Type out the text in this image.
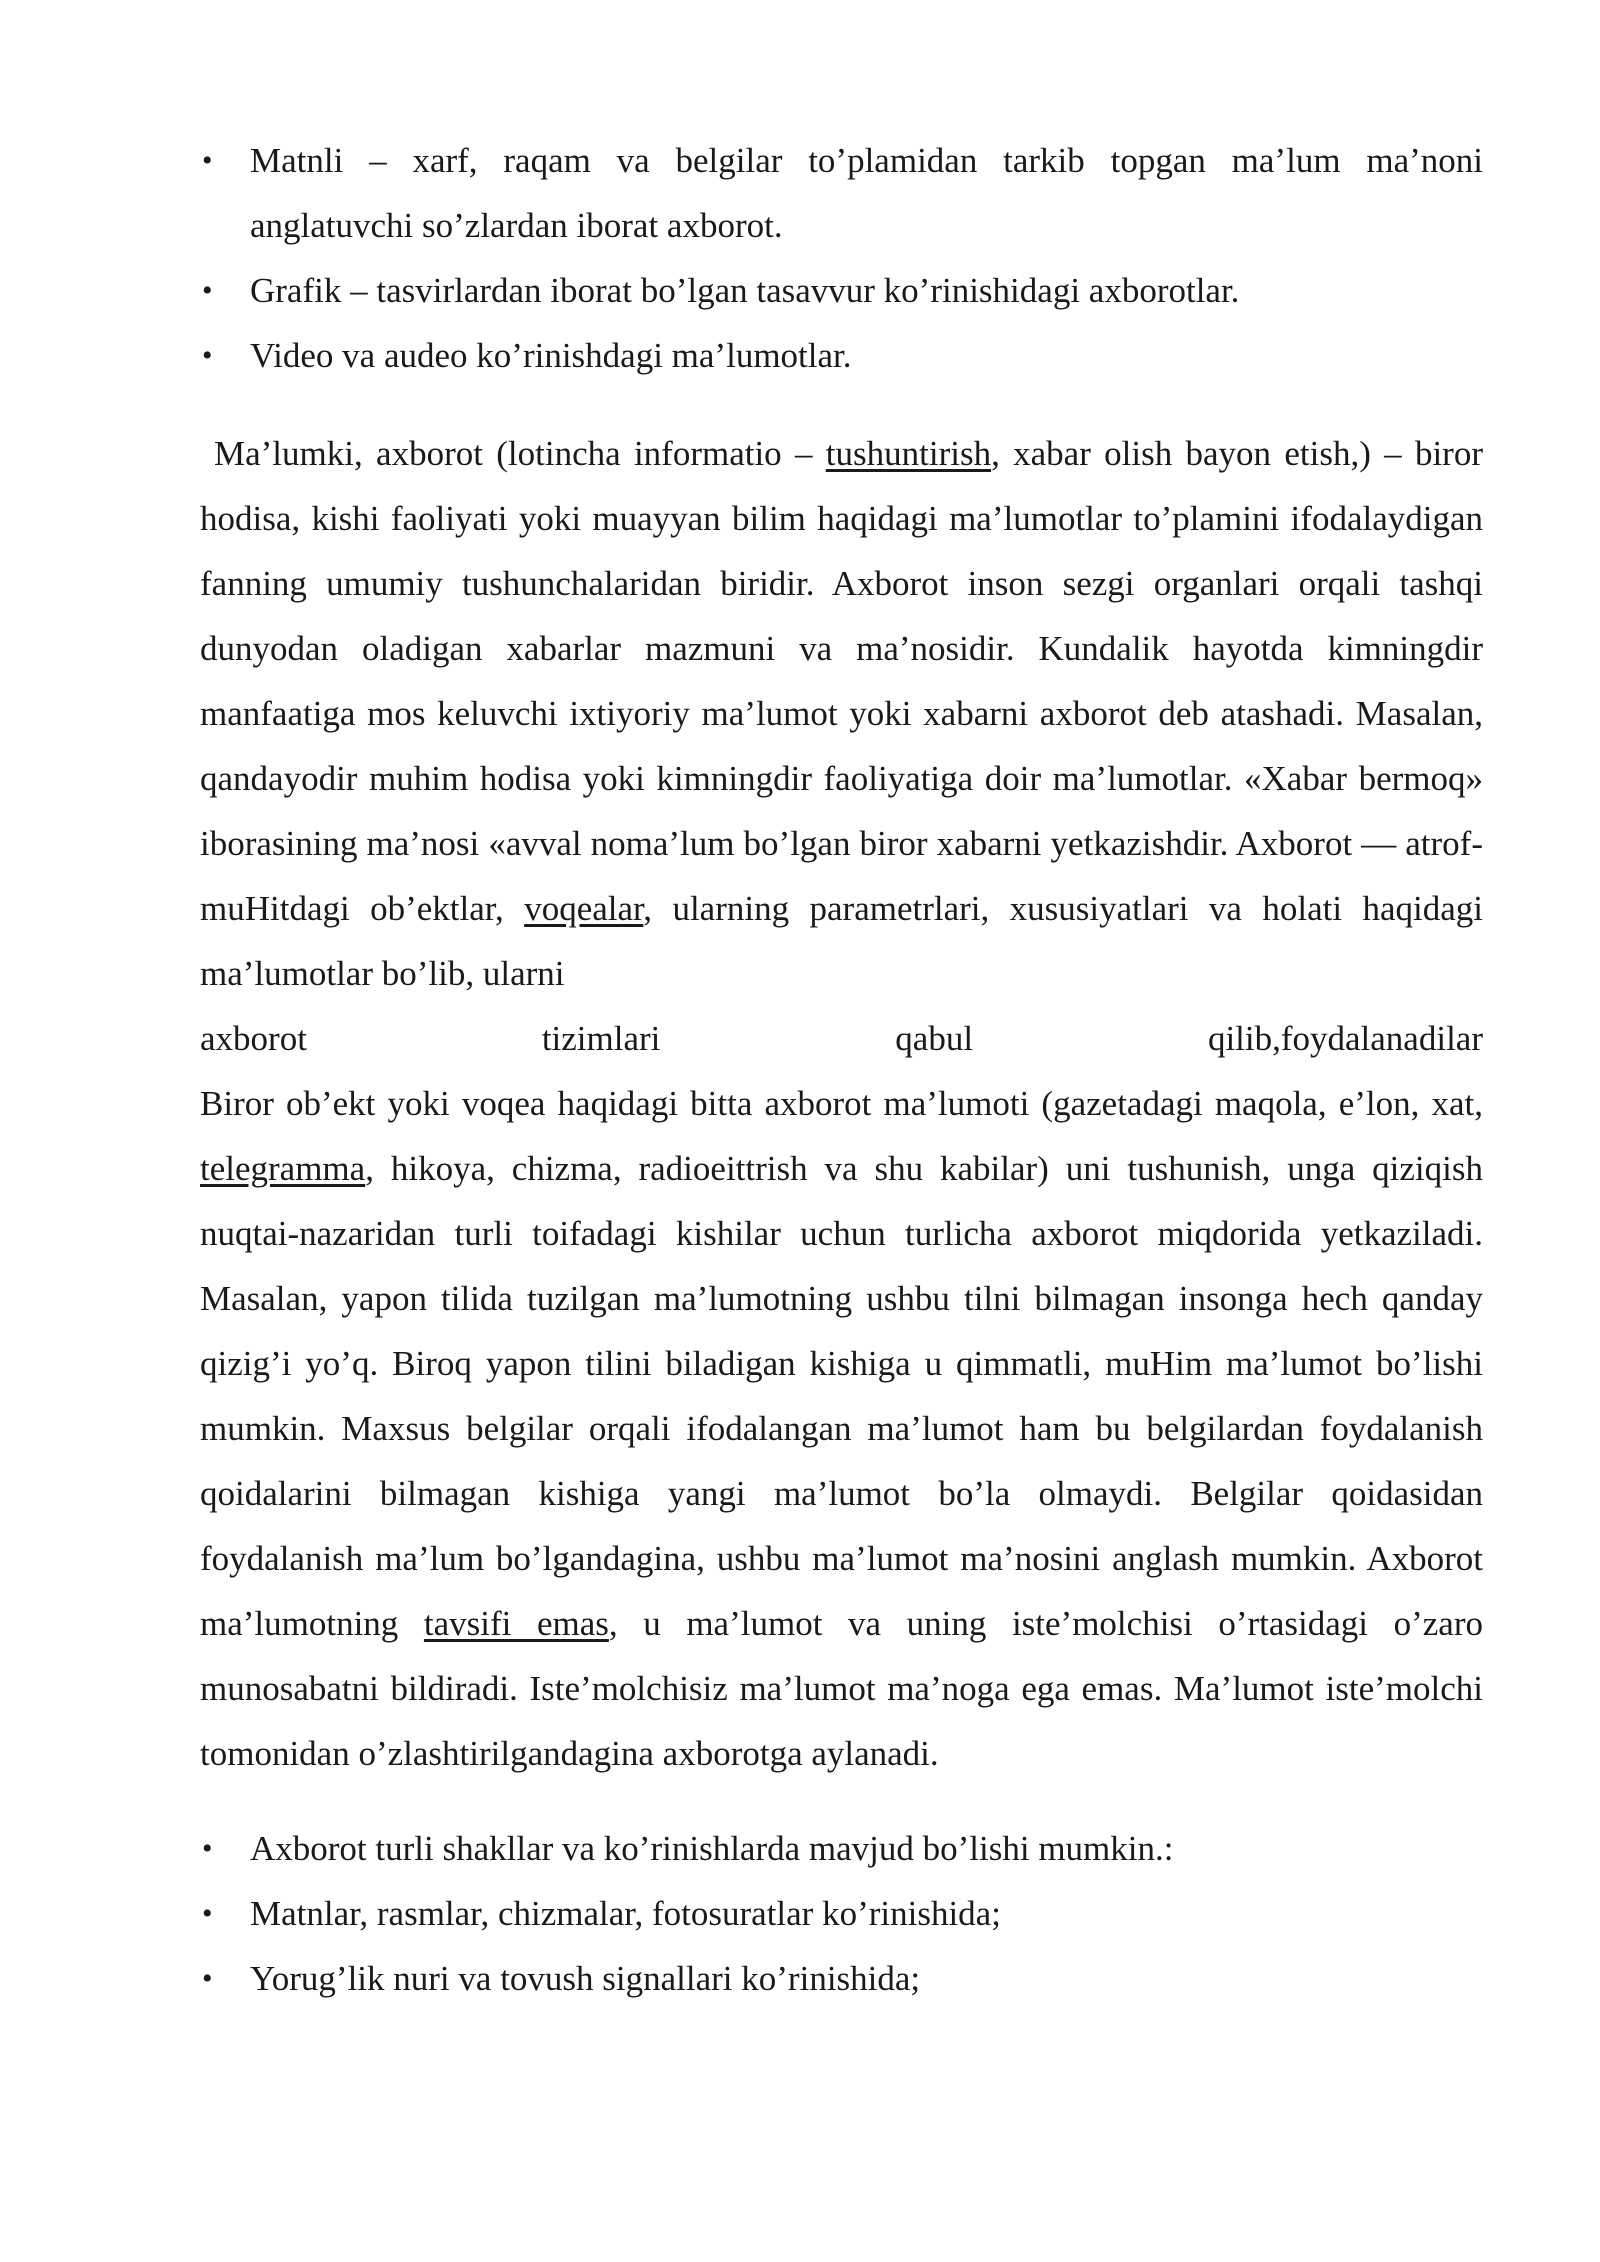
• Matnli – xarf, raqam va belgilar to’plamidan tarkib topgan ma’lum ma’noni anglatuvchi so’zlardan iborat axborot.
• Grafik – tasvirlardan iborat bo’lgan tasavvur ko’rinishidagi axborotlar.
• Video va audeo ko’rinishdagi ma’lumotlar.

Ma’lumki, axborot (lotincha informatio – tushuntirish, xabar olish bayon etish,) – biror hodisa, kishi faoliyati yoki muayyan bilim haqidagi ma’lumotlar to’plamini ifodalaydigan fanning umumiy tushunchalaridan biridir. Axborot inson sezgi organlari orqali tashqi dunyodan oladigan xabarlar mazmuni va ma’nosidir. Kundalik hayotda kimningdir manfaatiga mos keluvchi ixtiyoriy ma’lumot yoki xabarni axborot deb atashadi. Masalan, qandayodir muhim hodisa yoki kimningdir faoliyatiga doir ma’lumotlar. «Xabar bermoq» iborasining ma’nosi «avval noma’lum bo’lgan biror xabarni yetkazishdir. Axborot — atrof-muHitdagi ob’ektlar, voqealar, ularning parametrlari, xususiyatlari va holati haqidagi ma’lumotlar bo’lib, ularni

axborot	tizimlari	qabul	qilib,foydalanadilar

Biror ob’ekt yoki voqea haqidagi bitta axborot ma’lumoti (gazetadagi maqola, e’lon, xat, telegramma, hikoya, chizma, radioeittrish va shu kabilar) uni tushunish, unga qiziqish nuqtai-nazaridan turli toifadagi kishilar uchun turlicha axborot miqdorida yetkaziladi. Masalan, yapon tilida tuzilgan ma’lumotning ushbu tilni bilmagan insonga hech qanday qizig’i yo’q. Biroq yapon tilini biladigan kishiga u qimmatli, muHim ma’lumot bo’lishi mumkin. Maxsus belgilar orqali ifodalangan ma’lumot ham bu belgilardan foydalanish qoidalarini bilmagan kishiga yangi ma’lumot bo’la olmaydi. Belgilar qoidasidan foydalanish ma’lum bo’lgandagina, ushbu ma’lumot ma’nosini anglash mumkin. Axborot ma’lumotning tavsifi emas, u ma’lumot va uning iste’molchisi o’rtasidagi o’zaro munosabatni bildiradi. Iste’molchisiz ma’lumot ma’noga ega emas. Ma’lumot iste’molchi tomonidan o’zlashtirilgandagina axborotga aylanadi.

• Axborot turli shakllar va ko’rinishlarda mavjud bo’lishi mumkin.:
• Matnlar, rasmlar, chizmalar, fotosuratlar ko’rinishida;
• Yorug’lik nuri va tovush signallari ko’rinishida;
